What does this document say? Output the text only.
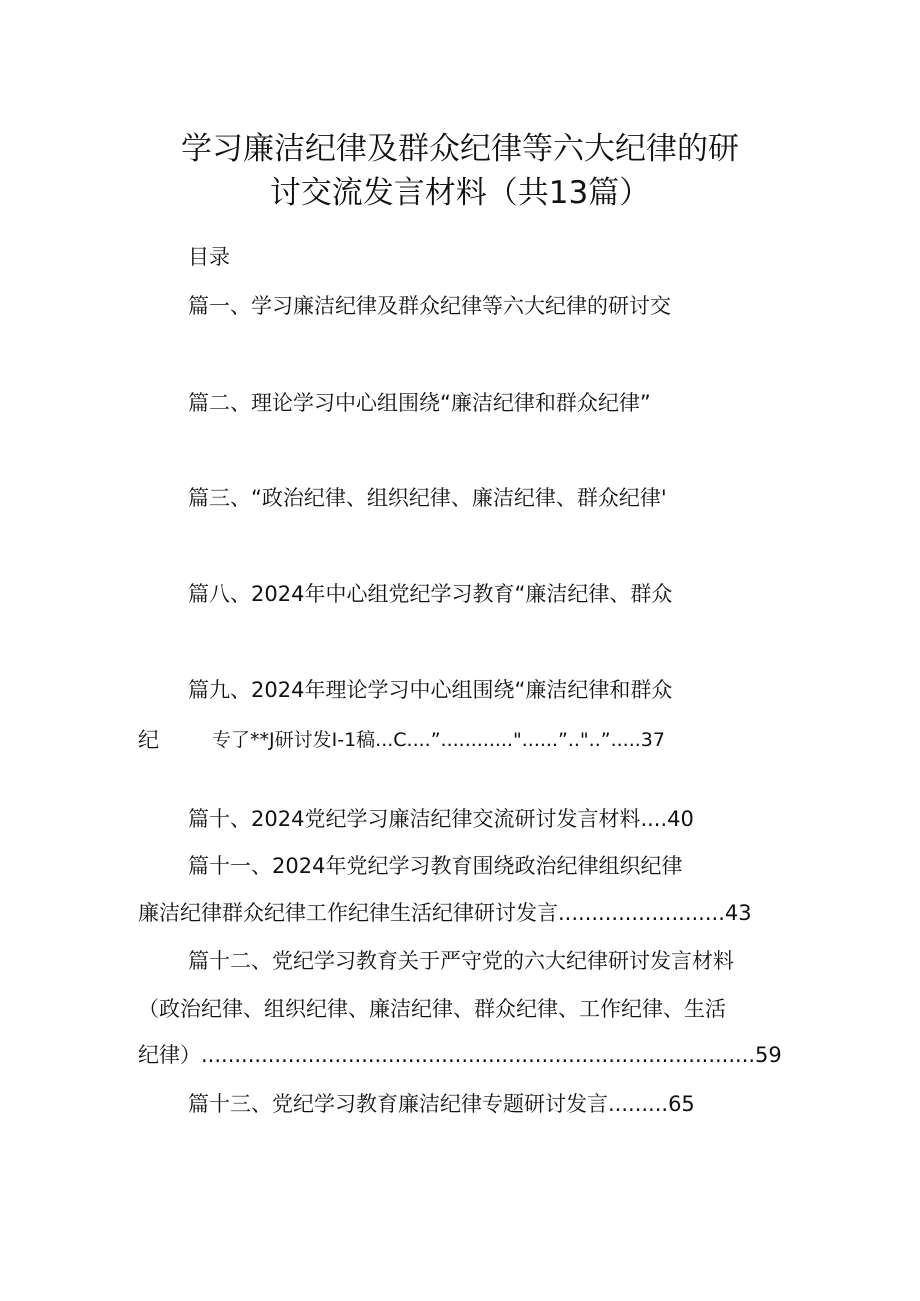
学习廉洁纪律及群众纪律等六大纪律的研
讨交流发言材料（共13篇）
目录
篇一、学习廉洁纪律及群众纪律等六大纪律的研讨交
篇二、理论学习中心组围绕“廉洁纪律和群众纪律”
篇三、“政治纪律、组织纪律、廉洁纪律、群众纪律'
篇八、2024年中心组党纪学习教育“廉洁纪律、群众
篇九、2024年理论学习中心组围绕“廉洁纪律和群众
纪	专了**J研讨发I-1稿...C....”............"......”.."..”.....37
篇十、2024党纪学习廉洁纪律交流研讨发言材料....40
篇十一、2024年党纪学习教育围绕政治纪律组织纪律
廉洁纪律群众纪律工作纪律生活纪律研讨发言.........................43
篇十二、党纪学习教育关于严守党的六大纪律研讨发言材料
（政治纪律、组织纪律、廉洁纪律、群众纪律、工作纪律、生活
纪律）...................................................................................59
篇十三、党纪学习教育廉洁纪律专题研讨发言.........65
